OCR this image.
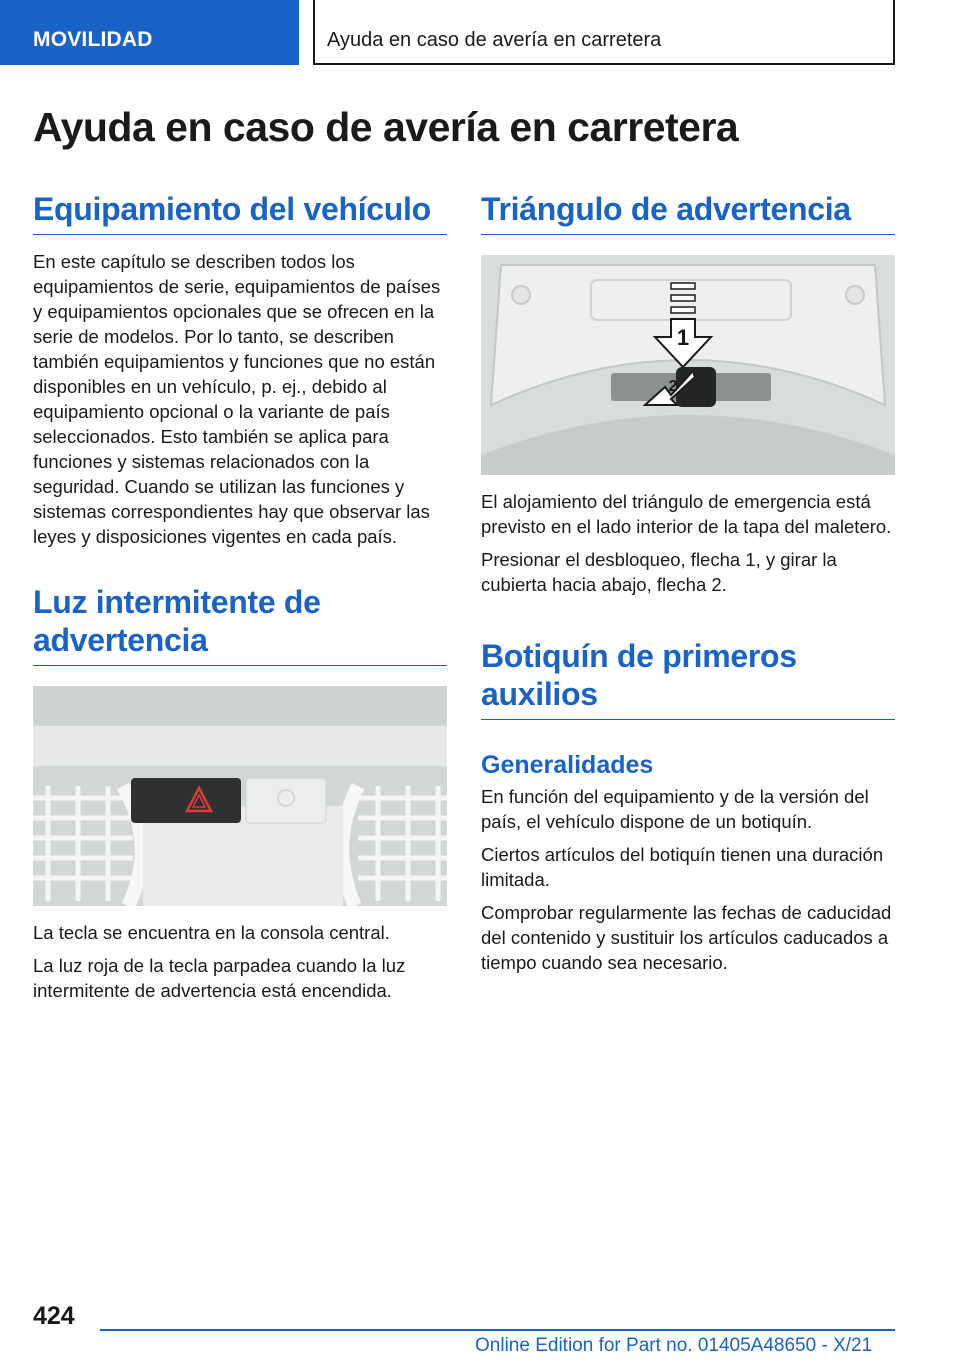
MOVILIDAD	Ayuda en caso de avería en carretera
Ayuda en caso de avería en carretera
Equipamiento del vehículo

En este capítulo se describen todos los equipamientos de serie, equipamientos de países y equipamientos opcionales que se ofrecen en la serie de modelos. Por lo tanto, se describen también equipamientos y funciones que no están disponibles en un vehículo, p. ej., debido al equipamiento opcional o la variante de país seleccionados. Esto también se aplica para funciones y sistemas relacionados con la seguridad. Cuando se utilizan las funciones y sistemas correspondientes hay que observar las leyes y disposiciones vigentes en cada país.

Luz intermitente de advertencia

La tecla se encuentra en la consola central.

La luz roja de la tecla parpadea cuando la luz intermitente de advertencia está encendida.

Triángulo de advertencia
1
2

El alojamiento del triángulo de emergencia está previsto en el lado interior de la tapa del maletero.

Presionar el desbloqueo, flecha 1, y girar la cubierta hacia abajo, flecha 2.

Botiquín de primeros auxilios
Generalidades

En función del equipamiento y de la versión del país, el vehículo dispone de un botiquín.

Ciertos artículos del botiquín tienen una duración limitada.

Comprobar regularmente las fechas de caducidad del contenido y sustituir los artículos caducados a tiempo cuando sea necesario.

424
Online Edition for Part no. 01405A48650 - X/21
